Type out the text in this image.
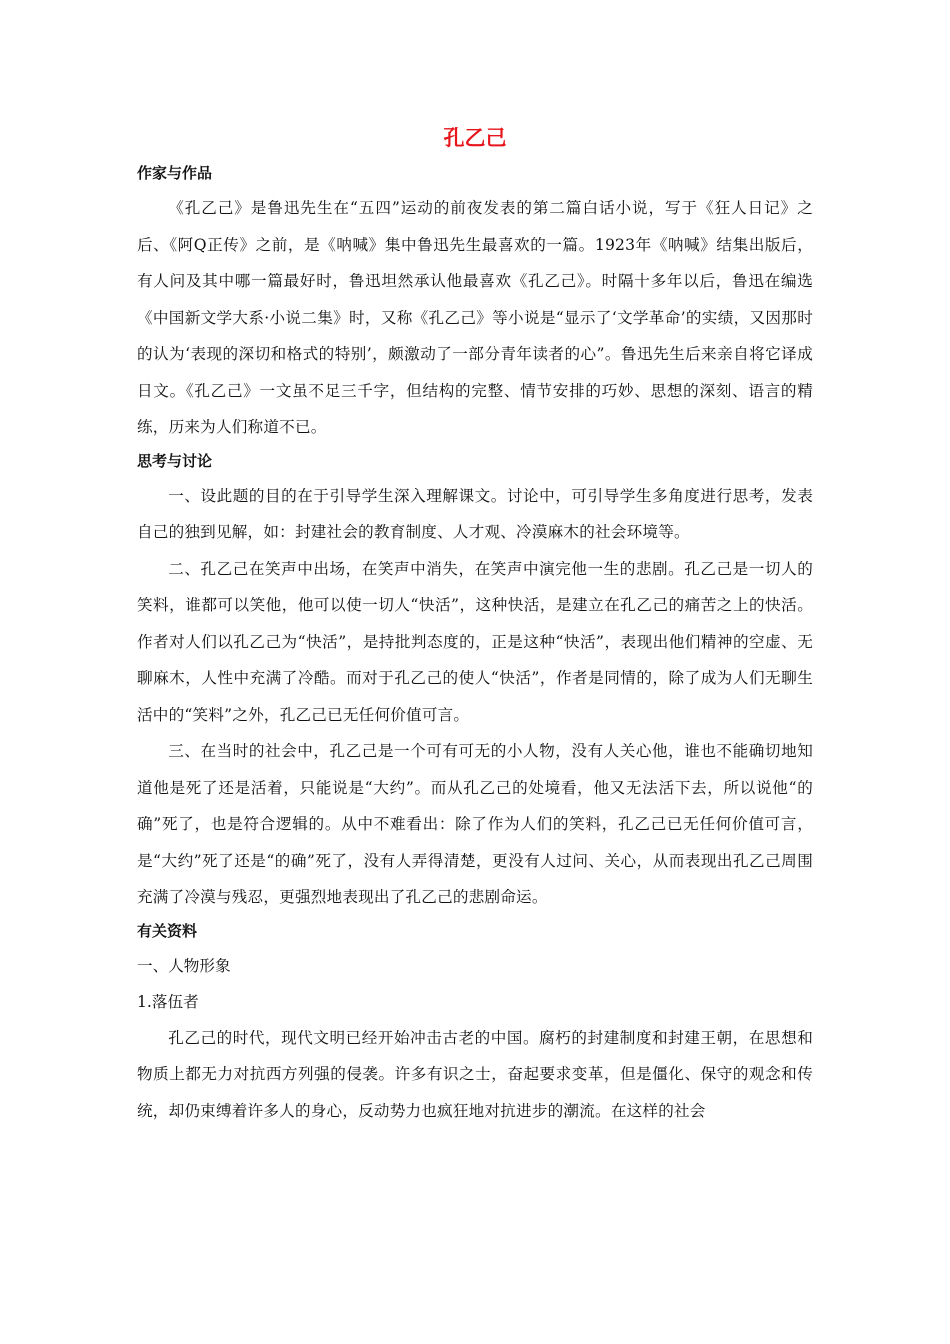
孔乙己
作家与作品

《孔乙己》是鲁迅先生在“五四”运动的前夜发表的第二篇白话小说，写于《狂人日记》之后、《阿Q正传》之前，是《呐喊》集中鲁迅先生最喜欢的一篇。1923年《呐喊》结集出版后，有人问及其中哪一篇最好时，鲁迅坦然承认他最喜欢《孔乙己》。时隔十多年以后，鲁迅在编选《中国新文学大系·小说二集》时，又称《孔乙己》等小说是“显示了‘文学革命’的实绩，又因那时的认为‘表现的深切和格式的特别’，颇激动了一部分青年读者的心”。鲁迅先生后来亲自将它译成日文。《孔乙己》一文虽不足三千字，但结构的完整、情节安排的巧妙、思想的深刻、语言的精练，历来为人们称道不已。

思考与讨论

一、设此题的目的在于引导学生深入理解课文。讨论中，可引导学生多角度进行思考，发表自己的独到见解，如：封建社会的教育制度、人才观、冷漠麻木的社会环境等。

二、孔乙己在笑声中出场，在笑声中消失，在笑声中演完他一生的悲剧。孔乙己是一切人的笑料，谁都可以笑他，他可以使一切人“快活”，这种快活，是建立在孔乙己的痛苦之上的快活。作者对人们以孔乙己为“快活”，是持批判态度的，正是这种“快活”，表现出他们精神的空虚、无聊麻木，人性中充满了冷酷。而对于孔乙己的使人“快活”，作者是同情的，除了成为人们无聊生活中的“笑料”之外，孔乙己已无任何价值可言。

三、在当时的社会中，孔乙己是一个可有可无的小人物，没有人关心他，谁也不能确切地知道他是死了还是活着，只能说是“大约”。而从孔乙己的处境看，他又无法活下去，所以说他“的确”死了，也是符合逻辑的。从中不难看出：除了作为人们的笑料，孔乙己已无任何价值可言，是“大约”死了还是“的确”死了，没有人弄得清楚，更没有人过问、关心，从而表现出孔乙己周围充满了冷漠与残忍，更强烈地表现出了孔乙己的悲剧命运。

有关资料

一、人物形象

1.落伍者

孔乙己的时代，现代文明已经开始冲击古老的中国。腐朽的封建制度和封建王朝，在思想和物质上都无力对抗西方列强的侵袭。许多有识之士，奋起要求变革，但是僵化、保守的观念和传统，却仍束缚着许多人的身心，反动势力也疯狂地对抗进步的潮流。在这样的社会
